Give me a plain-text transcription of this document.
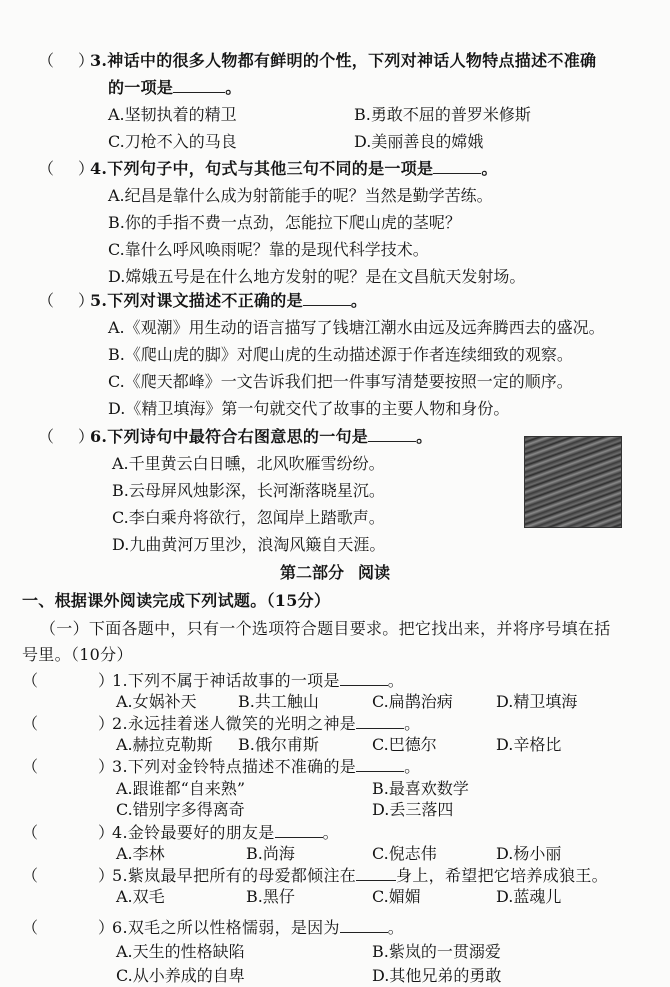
（ ）
3.神话中的很多人物都有鲜明的个性，下列对神话人物特点描述不准确
的一项是	。
A.坚韧执着的精卫	B.勇敢不屈的普罗米修斯
C.刀枪不入的马良	D.美丽善良的嫦娥
（ ）
4.下列句子中，句式与其他三句不同的是一项是	。
A.纪昌是靠什么成为射箭能手的呢？当然是勤学苦练。
B.你的手指不费一点劲，怎能拉下爬山虎的茎呢？
C.靠什么呼风唤雨呢？靠的是现代科学技术。
D.嫦娥五号是在什么地方发射的呢？是在文昌航天发射场。
（ ）
5.下列对课文描述不正确的是	。
A.《观潮》用生动的语言描写了钱塘江潮水由远及远奔腾西去的盛况。
B.《爬山虎的脚》对爬山虎的生动描述源于作者连续细致的观察。
C.《爬天都峰》一文告诉我们把一件事写清楚要按照一定的顺序。
D.《精卫填海》第一句就交代了故事的主要人物和身份。
（ ）
6.下列诗句中最符合右图意思的一句是	。
A.千里黄云白日曛，北风吹雁雪纷纷。
B.云母屏风烛影深，长河渐落晓星沉。
C.李白乘舟将欲行，忽闻岸上踏歌声。
D.九曲黄河万里沙，浪淘风簸自天涯。
第二部分 阅读
一、根据课外阅读完成下列试题。（15分）
（一）下面各题中，只有一个选项符合题目要求。把它找出来，并将序号填在括
号里。（10分）
（	）
1.下列不属于神话故事的一项是	。
A.女娲补天	B.共工触山	C.扁鹊治病	D.精卫填海
（	）
2.永远挂着迷人微笑的光明之神是	。
A.赫拉克勒斯 B.俄尔甫斯	C.巴德尔	D.辛格比
（	）
3.下列对金铃特点描述不准确的是	。
A.跟谁都“自来熟”	B.最喜欢数学
C.错别字多得离奇	D.丢三落四
（	）
4.金铃最要好的朋友是	。
A.李林	B.尚海	C.倪志伟	D.杨小丽
（	）
5.紫岚最早把所有的母爱都倾注在	身上，希望把它培养成狼王。
A.双毛	B.黑仔	C.媚媚	D.蓝魂儿
（	）
6.双毛之所以性格懦弱，是因为	。
A.天生的性格缺陷	B.紫岚的一贯溺爱
C.从小养成的自卑	D.其他兄弟的勇敢
